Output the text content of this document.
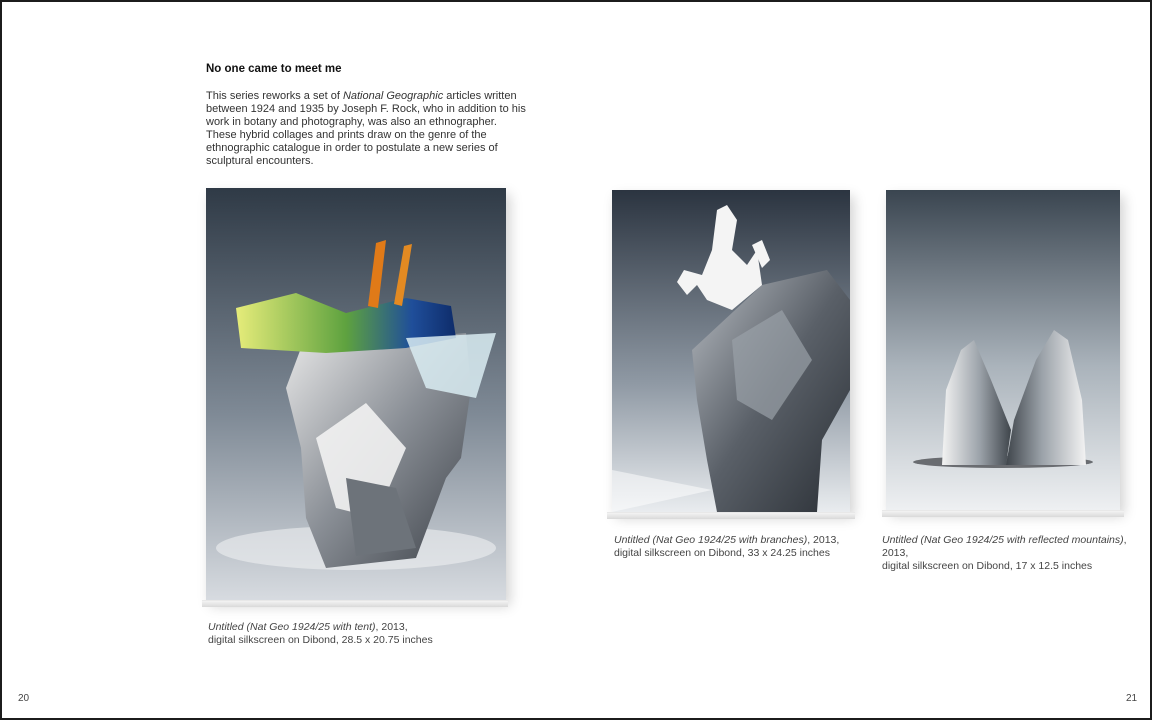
No one came to meet me
This series reworks a set of National Geographic articles written between 1924 and 1935 by Joseph F. Rock, who in addition to his work in botany and photography, was also an ethnographer. These hybrid collages and prints draw on the genre of the ethnographic catalogue in order to postulate a new series of sculptural encounters.
Untitled (Nat Geo 1924/25 with tent), 2013,
digital silkscreen on Dibond, 28.5 x 20.75 inches
Untitled (Nat Geo 1924/25 with branches), 2013,
digital silkscreen on Dibond, 33 x 24.25 inches
Untitled (Nat Geo 1924/25 with reflected mountains), 2013,
digital silkscreen on Dibond, 17 x 12.5 inches
20	21
